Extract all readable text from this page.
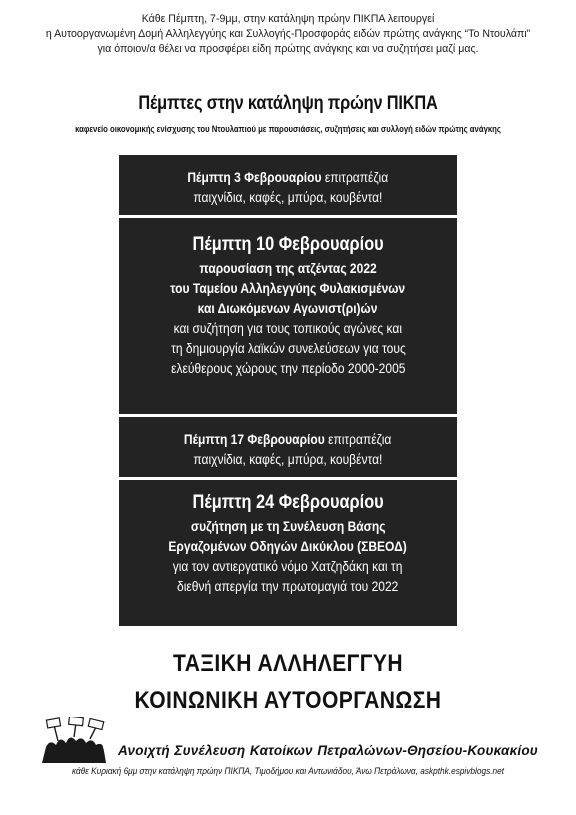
Κάθε Πέμπτη, 7-9μμ, στην κατάληψη πρώην ΠΙΚΠΑ λειτουργεί
η Αυτοοργανωμένη Δομή Αλληλεγγύης και Συλλογής-Προσφοράς ειδών πρώτης ανάγκης “Το Ντουλάπι”
για όποιον/α θέλει να προσφέρει είδη πρώτης ανάγκης και να συζητήσει μαζί μας.
Πέμπτες στην κατάληψη πρώην ΠΙΚΠΑ
καφενείο οικονομικής ενίσχυσης του Ντουλαπιού με παρουσιάσεις, συζητήσεις και συλλογή ειδών πρώτης ανάγκης
Πέμπτη 3 Φεβρουαρίου επιτραπέζια
παιχνίδια, καφές, μπύρα, κουβέντα!
Πέμπτη 10 Φεβρουαρίου
παρουσίαση της ατζέντας 2022
του Ταμείου Αλληλεγγύης Φυλακισμένων
και Διωκόμενων Αγωνιστ(ρι)ών
και συζήτηση για τους τοπικούς αγώνες και
τη δημιουργία λαϊκών συνελεύσεων για τους
ελεύθερους χώρους την περίοδο 2000-2005
Πέμπτη 17 Φεβρουαρίου επιτραπέζια
παιχνίδια, καφές, μπύρα, κουβέντα!
Πέμπτη 24 Φεβρουαρίου
συζήτηση με τη Συνέλευση Βάσης
Εργαζομένων Οδηγών Δικύκλου (ΣΒΕΟΔ)
για τον αντιεργατικό νόμο Χατζηδάκη και τη
διεθνή απεργία την πρωτομαγιά του 2022
ΤΑΞΙΚΗ ΑΛΛΗΛΕΓΓΥΗ
ΚΟΙΝΩΝΙΚΗ ΑΥΤΟΟΡΓΑΝΩΣΗ
Ανοιχτή Συνέλευση Κατοίκων Πετραλώνων-Θησείου-Κουκακίου
κάθε Κυριακή 6μμ στην κατάληψη πρώην ΠΙΚΠΑ, Τιμοδήμου και Αντωνιάδου, Άνω Πετράλωνα, askpthk.espivblogs.net
